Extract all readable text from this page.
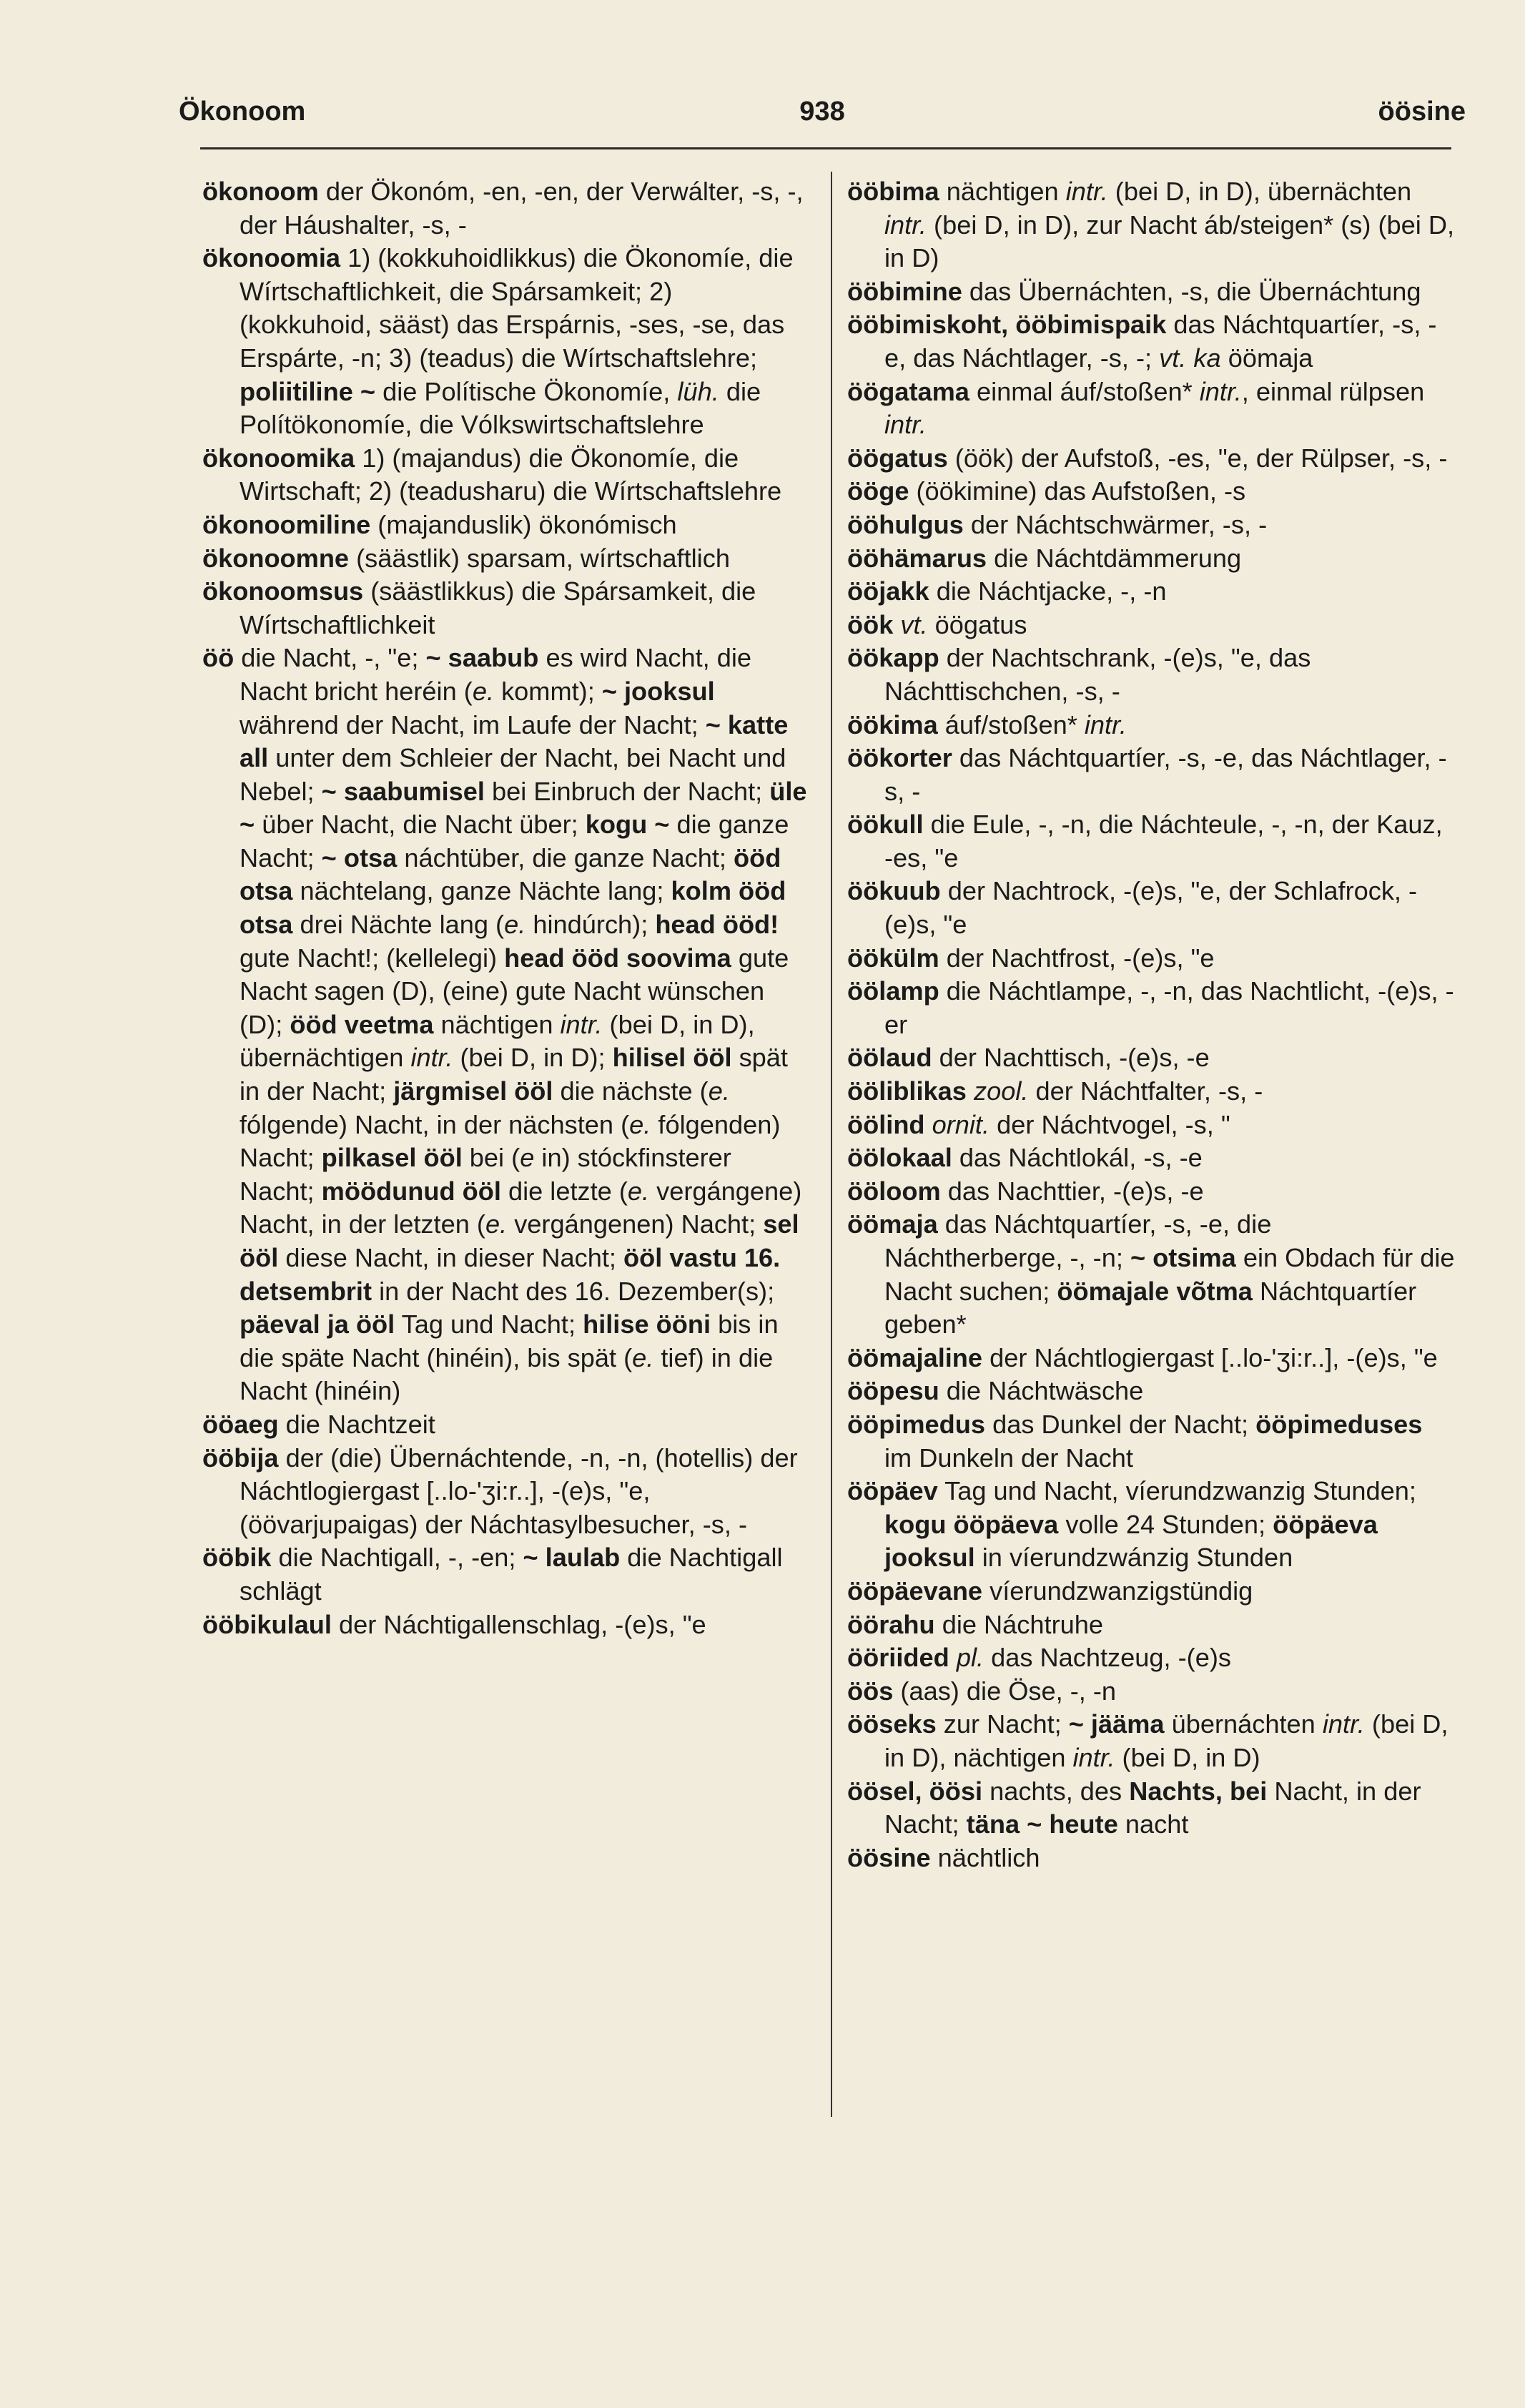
Ökonoom	938	öösine

ökonoom der Ökonóm, -en, -en, der Verwálter, -s, -, der Háushalter, -s, -

ökonoomia 1) (kokkuhoidlikkus) die Ökonomíe, die Wírtschaftlichkeit, die Spársamkeit; 2) (kokkuhoid, sääst) das Erspárnis, -ses, -se, das Erspárte, -n; 3) (teadus) die Wírtschaftslehre; poliitiline ~ die Polítische Ökonomíe, lüh. die Polítökonomíe, die Vólkswirtschaftslehre

ökonoomika 1) (majandus) die Ökonomíe, die Wirtschaft; 2) (teadusharu) die Wírtschaftslehre

ökonoomiline (majanduslik) ökonómisch

ökonoomne (säästlik) sparsam, wírtschaftlich

ökonoomsus (säästlikkus) die Spársamkeit, die Wírtschaftlichkeit

öö die Nacht, -, "e; ~ saabub es wird Nacht, die Nacht bricht heréin (e. kommt); ~ jooksul während der Nacht, im Laufe der Nacht; ~ katte all unter dem Schleier der Nacht, bei Nacht und Nebel; ~ saabumisel bei Einbruch der Nacht; üle ~ über Nacht, die Nacht über; kogu ~ die ganze Nacht; ~ otsa náchtüber, die ganze Nacht; ööd otsa nächtelang, ganze Nächte lang; kolm ööd otsa drei Nächte lang (e. hindúrch); head ööd! gute Nacht!; (kellelegi) head ööd soovima gute Nacht sagen (D), (eine) gute Nacht wünschen (D); ööd veetma nächtigen intr. (bei D, in D), übernächtigen intr. (bei D, in D); hilisel ööl spät in der Nacht; järgmisel ööl die nächste (e. fólgende) Nacht, in der nächsten (e. fólgenden) Nacht; pilkasel ööl bei (e in) stóckfinsterer Nacht; möödunud ööl die letzte (e. vergángene) Nacht, in der letzten (e. vergángenen) Nacht; sel ööl diese Nacht, in dieser Nacht; ööl vastu 16. detsembrit in der Nacht des 16. Dezember(s); päeval ja ööl Tag und Nacht; hilise ööni bis in die späte Nacht (hinéin), bis spät (e. tief) in die Nacht (hinéin)

ööaeg die Nachtzeit

ööbija der (die) Übernáchtende, -n, -n, (hotellis) der Náchtlogiergast [..lo-'ʒi:r..], -(e)s, "e, (öövarjupaigas) der Náchtasylbesucher, -s, -

ööbik die Nachtigall, -, -en; ~ laulab die Nachtigall schlägt

ööbikulaul der Náchtigallenschlag, -(e)s, "e

ööbima nächtigen intr. (bei D, in D), übernächten intr. (bei D, in D), zur Nacht áb/steigen* (s) (bei D, in D)

ööbimine das Übernáchten, -s, die Übernáchtung

ööbimiskoht, ööbimispaik das Náchtquartíer, -s, -e, das Náchtlager, -s, -; vt. ka öömaja

öögatama einmal áuf/stoßen* intr., einmal rülpsen intr.

öögatus (öök) der Aufstoß, -es, "e, der Rülpser, -s, -

ööge (öökimine) das Aufstoßen, -s

ööhulgus der Náchtschwärmer, -s, -

ööhämarus die Náchtdämmerung

ööjakk die Náchtjacke, -, -n

öök vt. öögatus

öökapp der Nachtschrank, -(e)s, "e, das Náchttischchen, -s, -

öökima áuf/stoßen* intr.

öökorter das Náchtquartíer, -s, -e, das Náchtlager, -s, -

öökull die Eule, -, -n, die Náchteule, -, -n, der Kauz, -es, "e

öökuub der Nachtrock, -(e)s, "e, der Schlafrock, -(e)s, "e

öökülm der Nachtfrost, -(e)s, "e

öölamp die Náchtlampe, -, -n, das Nachtlicht, -(e)s, -er

öölaud der Nachttisch, -(e)s, -e

ööliblikas zool. der Náchtfalter, -s, -

öölind ornit. der Náchtvogel, -s, "

öölokaal das Náchtlokál, -s, -e

ööloom das Nachttier, -(e)s, -e

öömaja das Náchtquartíer, -s, -e, die Náchtherberge, -, -n; ~ otsima ein Obdach für die Nacht suchen; öömajale võtma Náchtquartíer geben*

öömajaline der Náchtlogiergast [..lo-'ʒi:r..], -(e)s, "e

ööpesu die Náchtwäsche

ööpimedus das Dunkel der Nacht; ööpimeduses im Dunkeln der Nacht

ööpäev Tag und Nacht, víerundzwanzig Stunden; kogu ööpäeva volle 24 Stunden; ööpäeva jooksul in víerundzwánzig Stunden

ööpäevane víerundzwanzigstündig

öörahu die Náchtruhe

ööriided pl. das Nachtzeug, -(e)s

öös (aas) die Öse, -, -n

ööseks zur Nacht; ~ jääma übernáchten intr. (bei D, in D), nächtigen intr. (bei D, in D)

öösel, öösi nachts, des Nachts, bei Nacht, in der Nacht; täna ~ heute nacht

öösine nächtlich
